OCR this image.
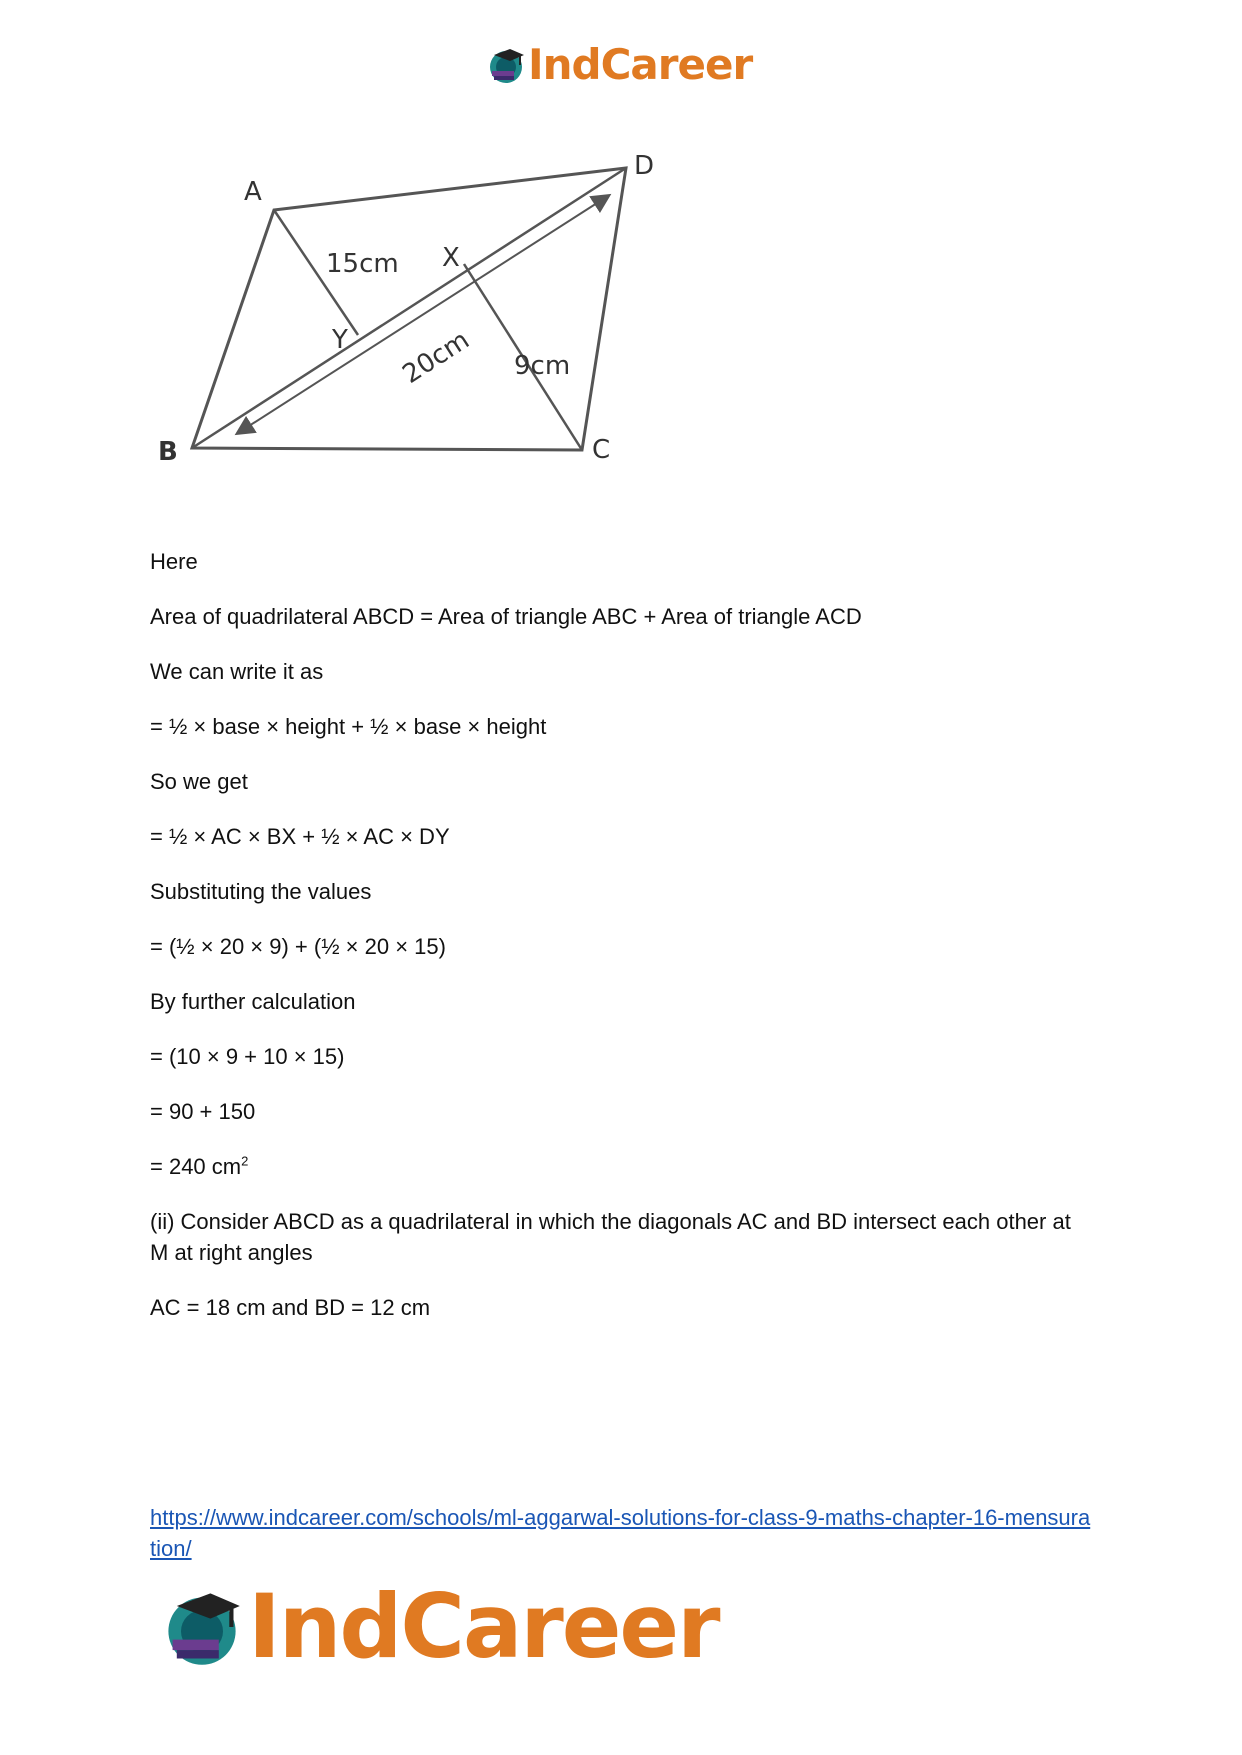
IndCareer
A
D
B	C
X
Y
15cm
9cm
20cm

Here

Area of quadrilateral ABCD = Area of triangle ABC + Area of triangle ACD

We can write it as

= ½ × base × height + ½ × base × height

So we get

= ½ × AC × BX + ½ × AC × DY

Substituting the values

= (½ × 20 × 9) + (½ × 20 × 15)

By further calculation

= (10 × 9 + 10 × 15)

= 90 + 150

= 240 $cm^2$

(ii) Consider ABCD as a quadrilateral in which the diagonals AC and BD intersect each other at M at right angles

AC = 18 cm and BD = 12 cm

https://www.indcareer.com/schools/ml-aggarwal-solutions-for-class-9-maths-chapter-16-mensuration/
IndCareer
